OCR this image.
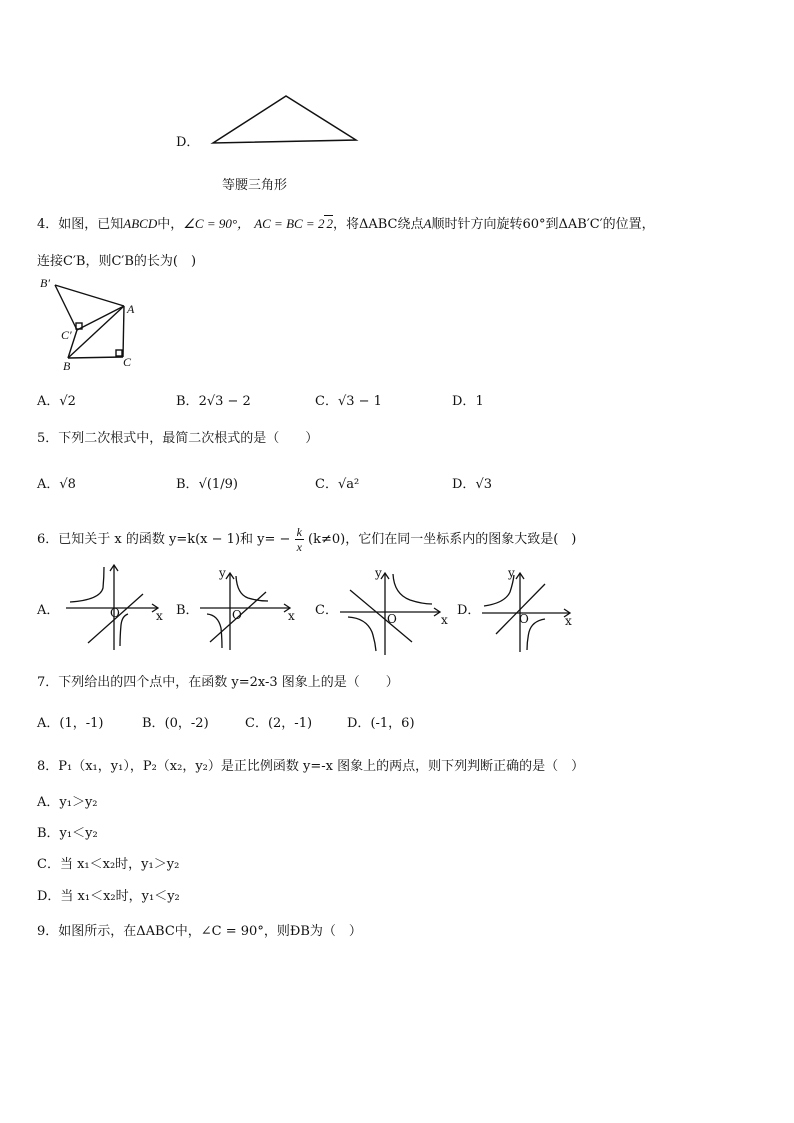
D．
等腰三角形
4．如图，已知ABCD中，∠C = 90°， AC = BC = 2 2，将ΔABC绕点A顺时针方向旋转60°到ΔAB′C′的位置，
连接C′B，则C′B的长为(　)
B′
A
C′
B	C
A．√2	B．2√3 − 2	C．√3 − 1	D．1
5．下列二次根式中，最简二次根式的是（　　）
A．√8	B．√(1/9)	C．√a²	D．√3
6．已知关于 x 的函数 y=k(x − 1)和 $y= - \frac{k}{x} (k\ne 0)$，它们在同一坐标系内的图象大致是(　)
A．	x
O	B．
y
x
O	C．
y
x
O
D．
y
x
O
7．下列给出的四个点中，在函数 y=2x-3 图象上的是（　　）
A．(1，-1)	B．(0，-2)	C．(2，-1)	D．(-1，6)
8．P₁（x₁，y₁），P₂（x₂，y₂）是正比例函数 y=-x 图象上的两点，则下列判断正确的是（　）
A．y₁＞y₂
B．y₁＜y₂
C．当 x₁＜x₂时，y₁＞y₂
D．当 x₁＜x₂时，y₁＜y₂
9．如图所示，在ΔABC中，∠C = 90°，则ÐB为（　）
